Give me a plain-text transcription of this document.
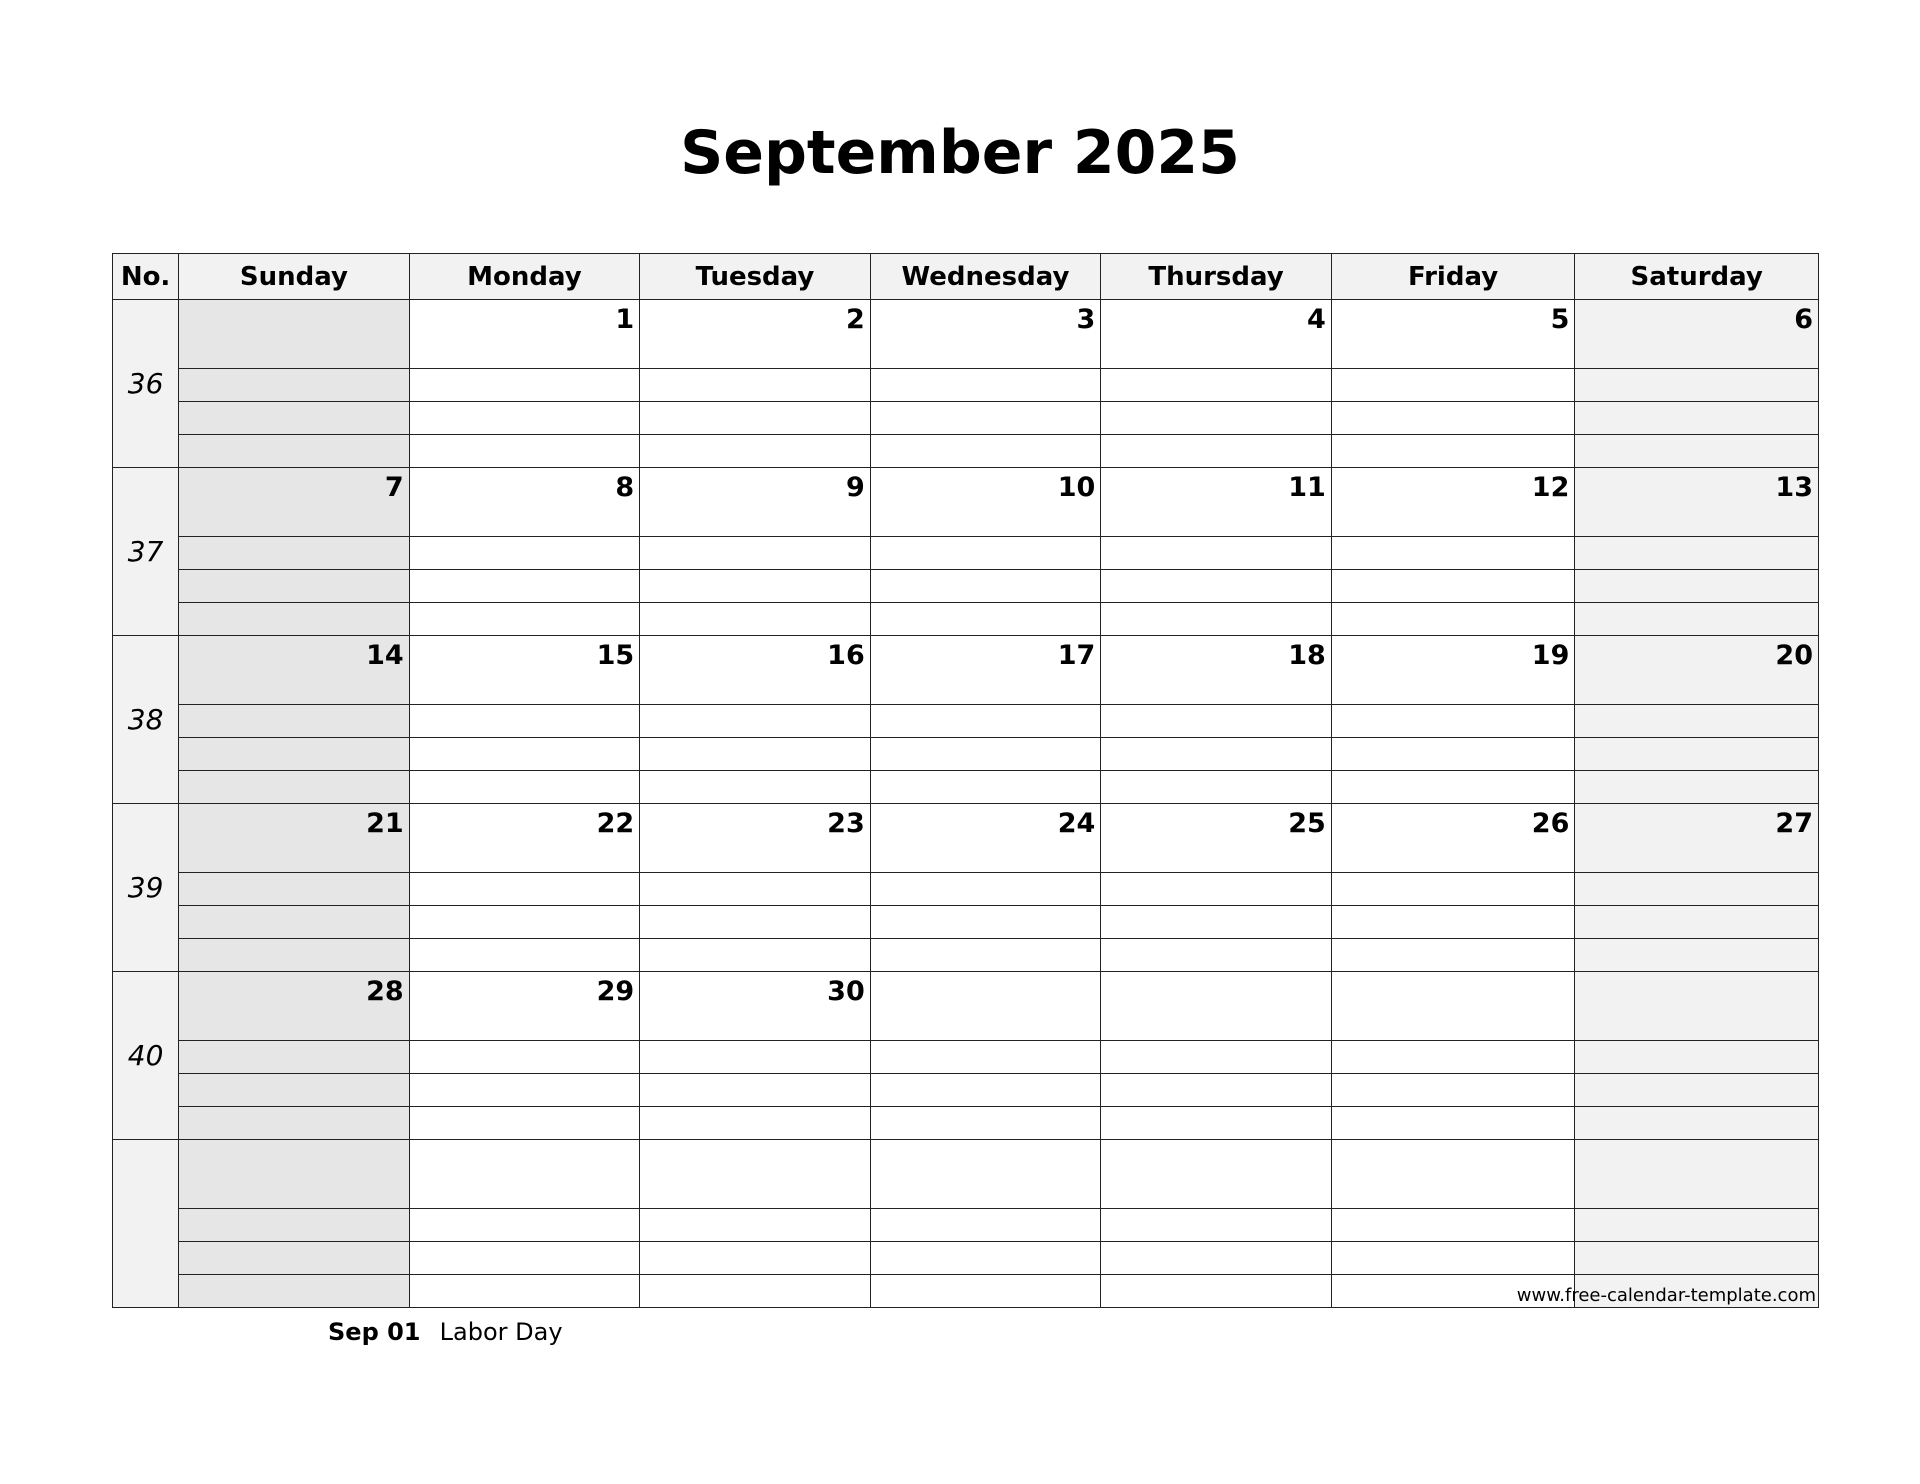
September 2025
No.	Sunday	Monday	Tuesday	Wednesday	Thursday	Friday	Saturday
36		1	2	3	4	5	6

37	7	8	9	10	11	12	13

38	14	15	16	17	18	19	20

39	21	22	23	24	25	26	27

40	28	29	30				

www.free-calendar-template.com
Sep 01 Labor Day
